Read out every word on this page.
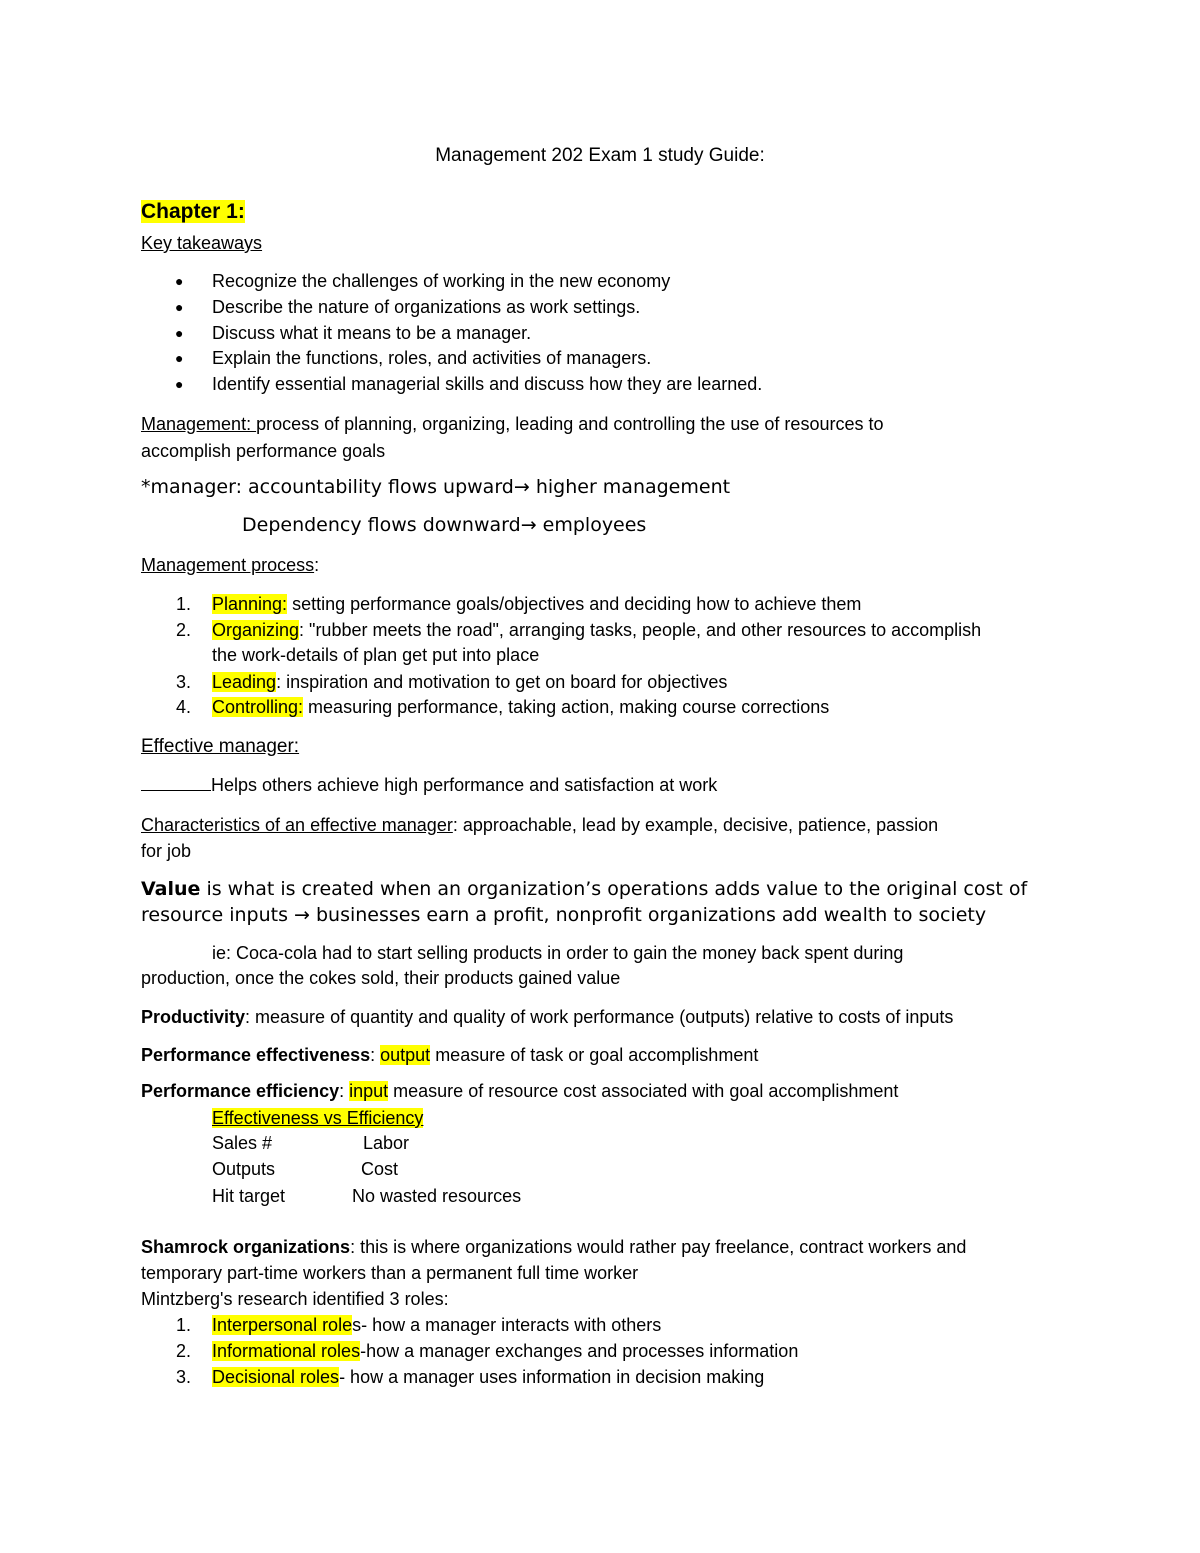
Management 202 Exam 1 study Guide:
Chapter 1:
Key takeaways
● Recognize the challenges of working in the new economy
● Describe the nature of organizations as work settings.
● Discuss what it means to be a manager.
● Explain the functions, roles, and activities of managers.
● Identify essential managerial skills and discuss how they are learned.
Management: process of planning, organizing, leading and controlling the use of resources to
accomplish performance goals
*manager: accountability flows upward→ higher management
Dependency flows downward→ employees
Management process:
1. Planning: setting performance goals/objectives and deciding how to achieve them
2. Organizing: "rubber meets the road", arranging tasks, people, and other resources to accomplish
the work-details of plan get put into place
3. Leading: inspiration and motivation to get on board for objectives
4. Controlling: measuring performance, taking action, making course corrections
Effective manager:
Helps others achieve high performance and satisfaction at work
Characteristics of an effective manager: approachable, lead by example, decisive, patience, passion
for job
Value is what is created when an organization’s operations adds value to the original cost of
resource inputs → businesses earn a profit, nonprofit organizations add wealth to society
ie: Coca-cola had to start selling products in order to gain the money back spent during
production, once the cokes sold, their products gained value
Productivity: measure of quantity and quality of work performance (outputs) relative to costs of inputs
Performance effectiveness: output measure of task or goal accomplishment
Performance efficiency: input measure of resource cost associated with goal accomplishment
Effectiveness vs Efficiency
Sales #	Labor
Outputs	Cost
Hit target	No wasted resources
Shamrock organizations: this is where organizations would rather pay freelance, contract workers and
temporary part-time workers than a permanent full time worker
Mintzberg's research identified 3 roles:
1. Interpersonal roles- how a manager interacts with others
2. Informational roles-how a manager exchanges and processes information
3. Decisional roles- how a manager uses information in decision making
